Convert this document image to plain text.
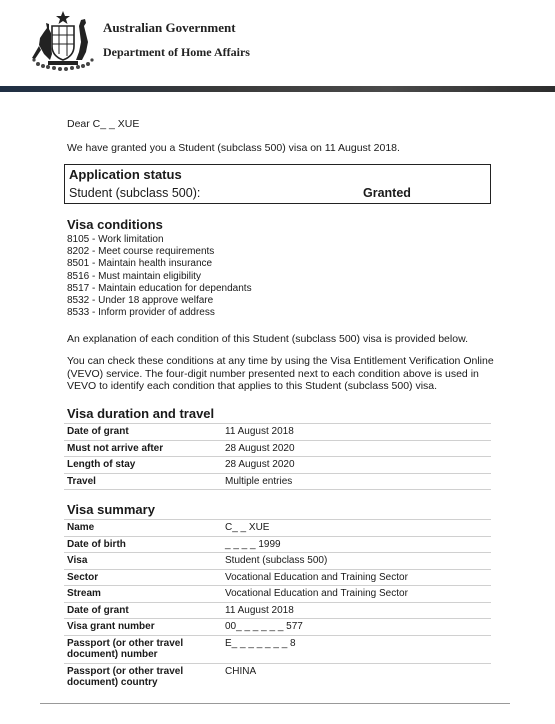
Australian Government
Department of Home Affairs
Dear C_ _ XUE
We have granted you a Student (subclass 500) visa on 11 August 2018.
Application status
Student (subclass 500):	Granted
Visa conditions
8105 - Work limitation
8202 - Meet course requirements
8501 - Maintain health insurance
8516 - Must maintain eligibility
8517 - Maintain education for dependants
8532 - Under 18 approve welfare
8533 - Inform provider of address
An explanation of each condition of this Student (subclass 500) visa is provided below.
You can check these conditions at any time by using the Visa Entitlement Verification Online (VEVO) service. The four-digit number presented next to each condition above is used in VEVO to identify each condition that applies to this Student (subclass 500) visa.
Visa duration and travel
Date of grant	11 August 2018
Must not arrive after	28 August 2020
Length of stay	28 August 2020
Travel	Multiple entries
Visa summary
Name	C_ _ XUE
Date of birth	_ _ _ _ 1999
Visa	Student (subclass 500)
Sector	Vocational Education and Training Sector
Stream	Vocational Education and Training Sector
Date of grant	11 August 2018
Visa grant number	00_ _ _ _ _ _ 577
Passport (or other travel document) number	E_ _ _ _ _ _ _ 8
Passport (or other travel document) country	CHINA
